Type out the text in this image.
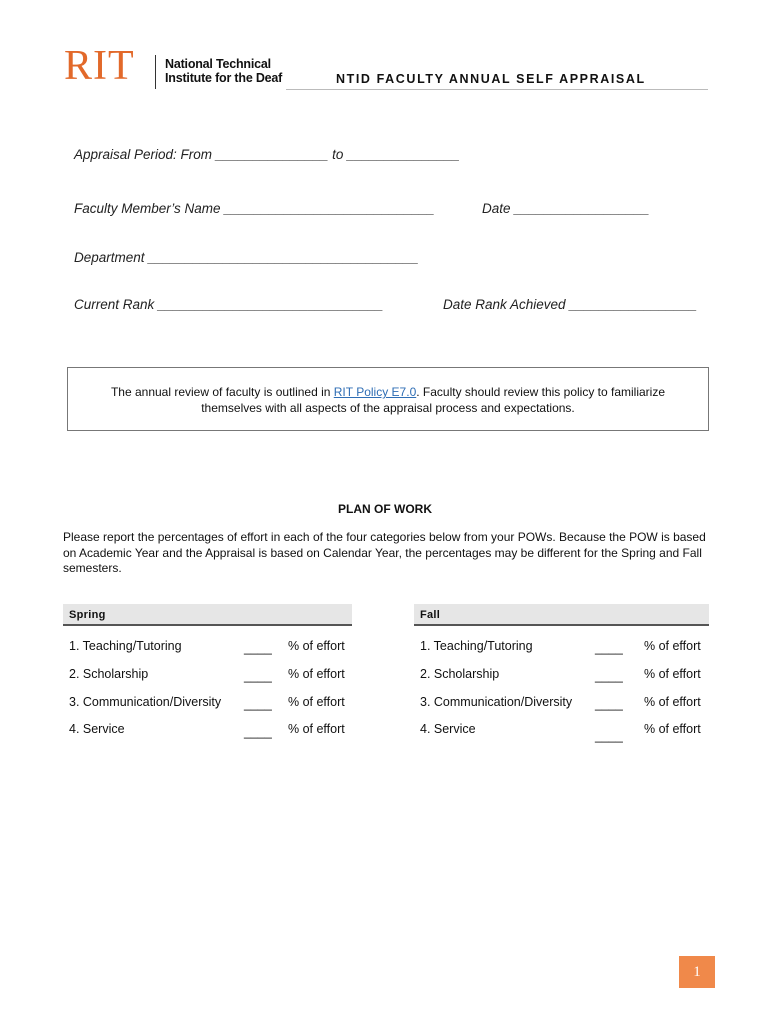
RIT National Technical
Institute for the Deaf	NTID FACULTY ANNUAL SELF APPRAISAL
Appraisal Period: From _______________ to _______________
Faculty Member’s Name ____________________________	Date __________________
Department ____________________________________
Current Rank ______________________________	Date Rank Achieved _________________
The annual review of faculty is outlined in RIT Policy E7.0. Faculty should review this policy to familiarize
themselves with all aspects of the appraisal process and expectations.
PLAN OF WORK
Please report the percentages of effort in each of the four categories below from your POWs. Because the POW is based on Academic Year and the Appraisal is based on Calendar Year, the percentages may be different for the Spring and Fall semesters.
Spring
1. Teaching/Tutoring	____ % of effort
2. Scholarship	____ % of effort
3. Communication/Diversity ____ % of effort
4. Service	____ % of effort
Fall
1. Teaching/Tutoring	____ % of effort
2. Scholarship	____ % of effort
3. Communication/Diversity ____ % of effort
4. Service	____ % of effort
1
